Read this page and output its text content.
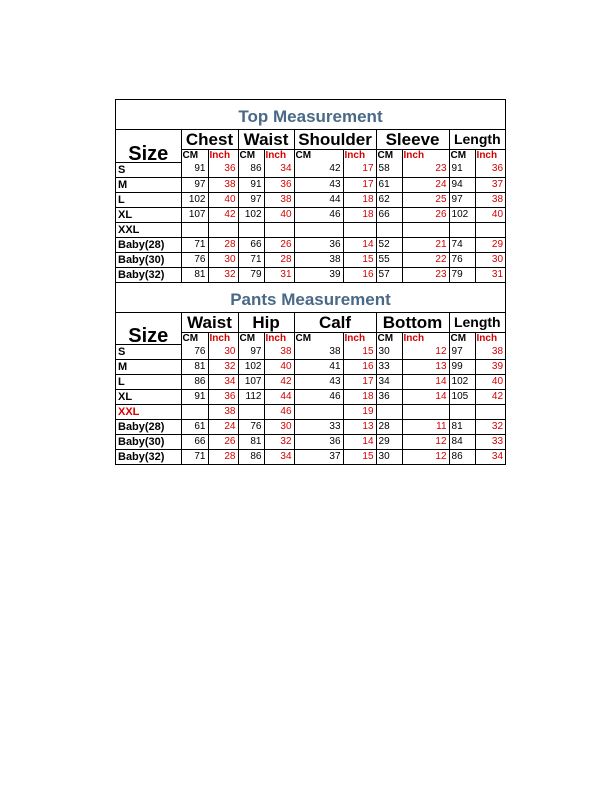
Top Measurement
Size	Chest		Waist		Shoulder		Sleeve		Length	
	CM	Inch	CM	Inch	CM	Inch	CM	Inch	CM	Inch
S	91	36	86	34	42	17	58	23	91	36
M	97	38	91	36	43	17	61	24	94	37
L	102	40	97	38	44	18	62	25	97	38
XL	107	42	102	40	46	18	66	26	102	40
XXL										
Baby(28)	71	28	66	26	36	14	52	21	74	29
Baby(30)	76	30	71	28	38	15	55	22	76	30
Baby(32)	81	32	79	31	39	16	57	23	79	31
Pants Measurement
Size	Waist		Hip		Calf		Bottom		Length	
	CM	Inch	CM	Inch	CM	Inch	CM	Inch	CM	Inch
S	76	30	97	38	38	15	30	12	97	38
M	81	32	102	40	41	16	33	13	99	39
L	86	34	107	42	43	17	34	14	102	40
XL	91	36	112	44	46	18	36	14	105	42
XXL		38		46		19				
Baby(28)	61	24	76	30	33	13	28	11	81	32
Baby(30)	66	26	81	32	36	14	29	12	84	33
Baby(32)	71	28	86	34	37	15	30	12	86	34
